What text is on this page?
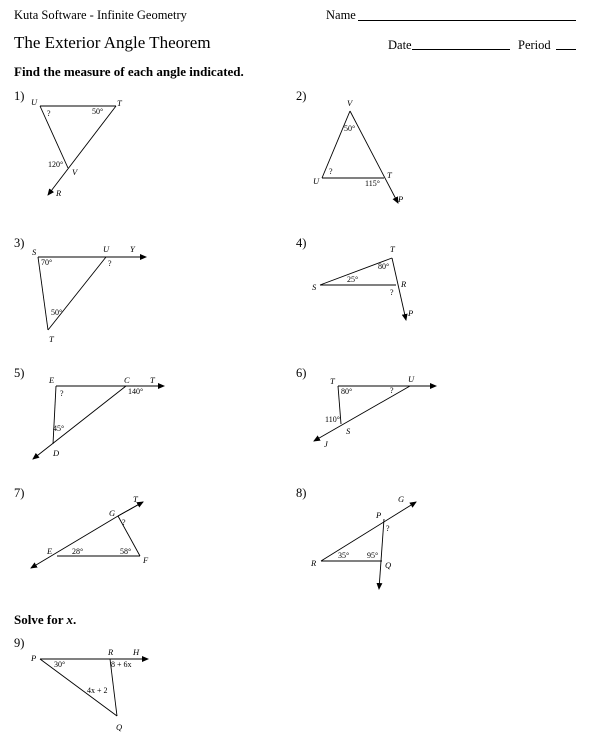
Kuta Software - Infinite Geometry	Name
The Exterior Angle Theorem	Date	Period
Find the measure of each angle indicated.
1)	2)
3)	4)
5)	6)
7)	8)
Solve for x.
9)
U	T
V
R
?	50°
120°
V
U
T
P
50°
?
115°
S	U Y
T
70°	?
50°
T
S	R
P
80°
25°
?
E	C T
D
?	140°
45°
T	U
S
J
80°	?
110°
T
G
E
F
?
28°	58°
G
P
R	Q
?
35° 95°
P
R H
Q
30°	8 + 6x
4x + 2
